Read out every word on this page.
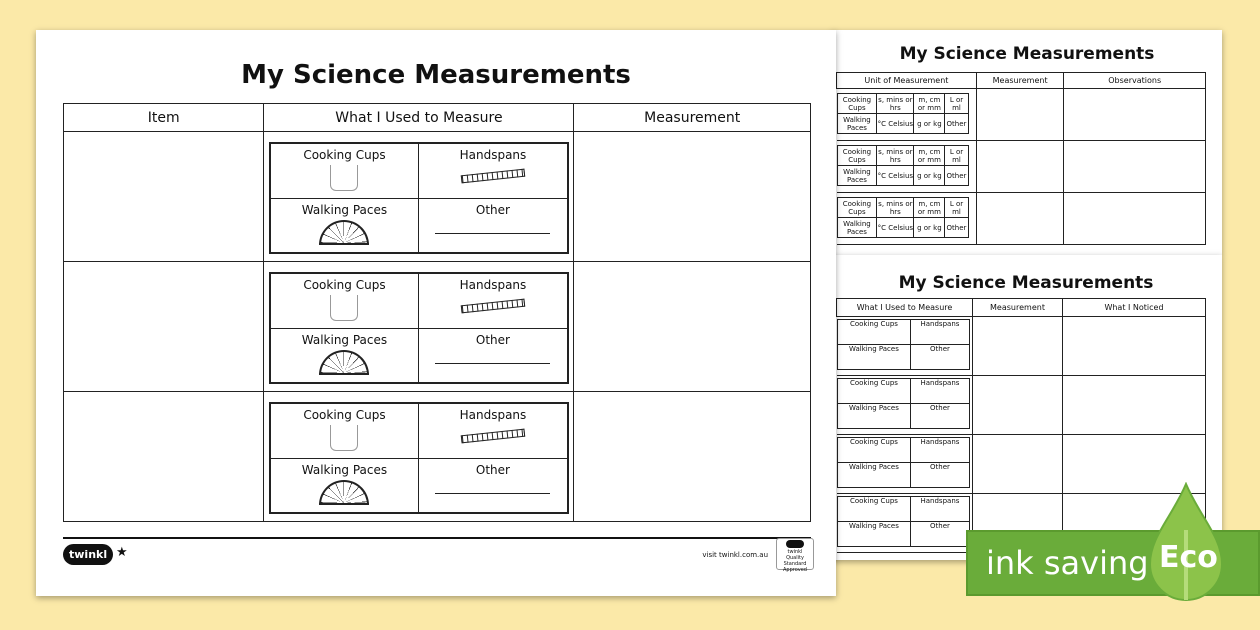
My Science Measurements
Unit of Measurement	Measurement	Observations

Cooking Cups	s, mins or hrs	m, cm or mm	L or ml
Walking Paces	°C Celsius	g or kg	Other

Cooking Cups	s, mins or hrs	m, cm or mm	L or ml
Walking Paces	°C Celsius	g or kg	Other

Cooking Cups	s, mins or hrs	m, cm or mm	L or ml
Walking Paces	°C Celsius	g or kg	Other

My Science Measurements
What I Used to Measure	Measurement	What I Noticed

Cooking Cups	Handspans
Walking Paces	Other

Cooking Cups	Handspans
Walking Paces	Other

Cooking Cups	Handspans
Walking Paces	Other

Cooking Cups	Handspans
Walking Paces	Other

My Science Measurements
Item	What I Used to Measure	Measurement

Cooking Cups	Handspans

Walking Paces	Other

Cooking Cups	Handspans

Walking Paces	Other

Cooking Cups	Handspans

Walking Paces	Other

twinkl ★	visit twinkl.com.au	twinkl Quality Standard Approved	ink saving Eco
